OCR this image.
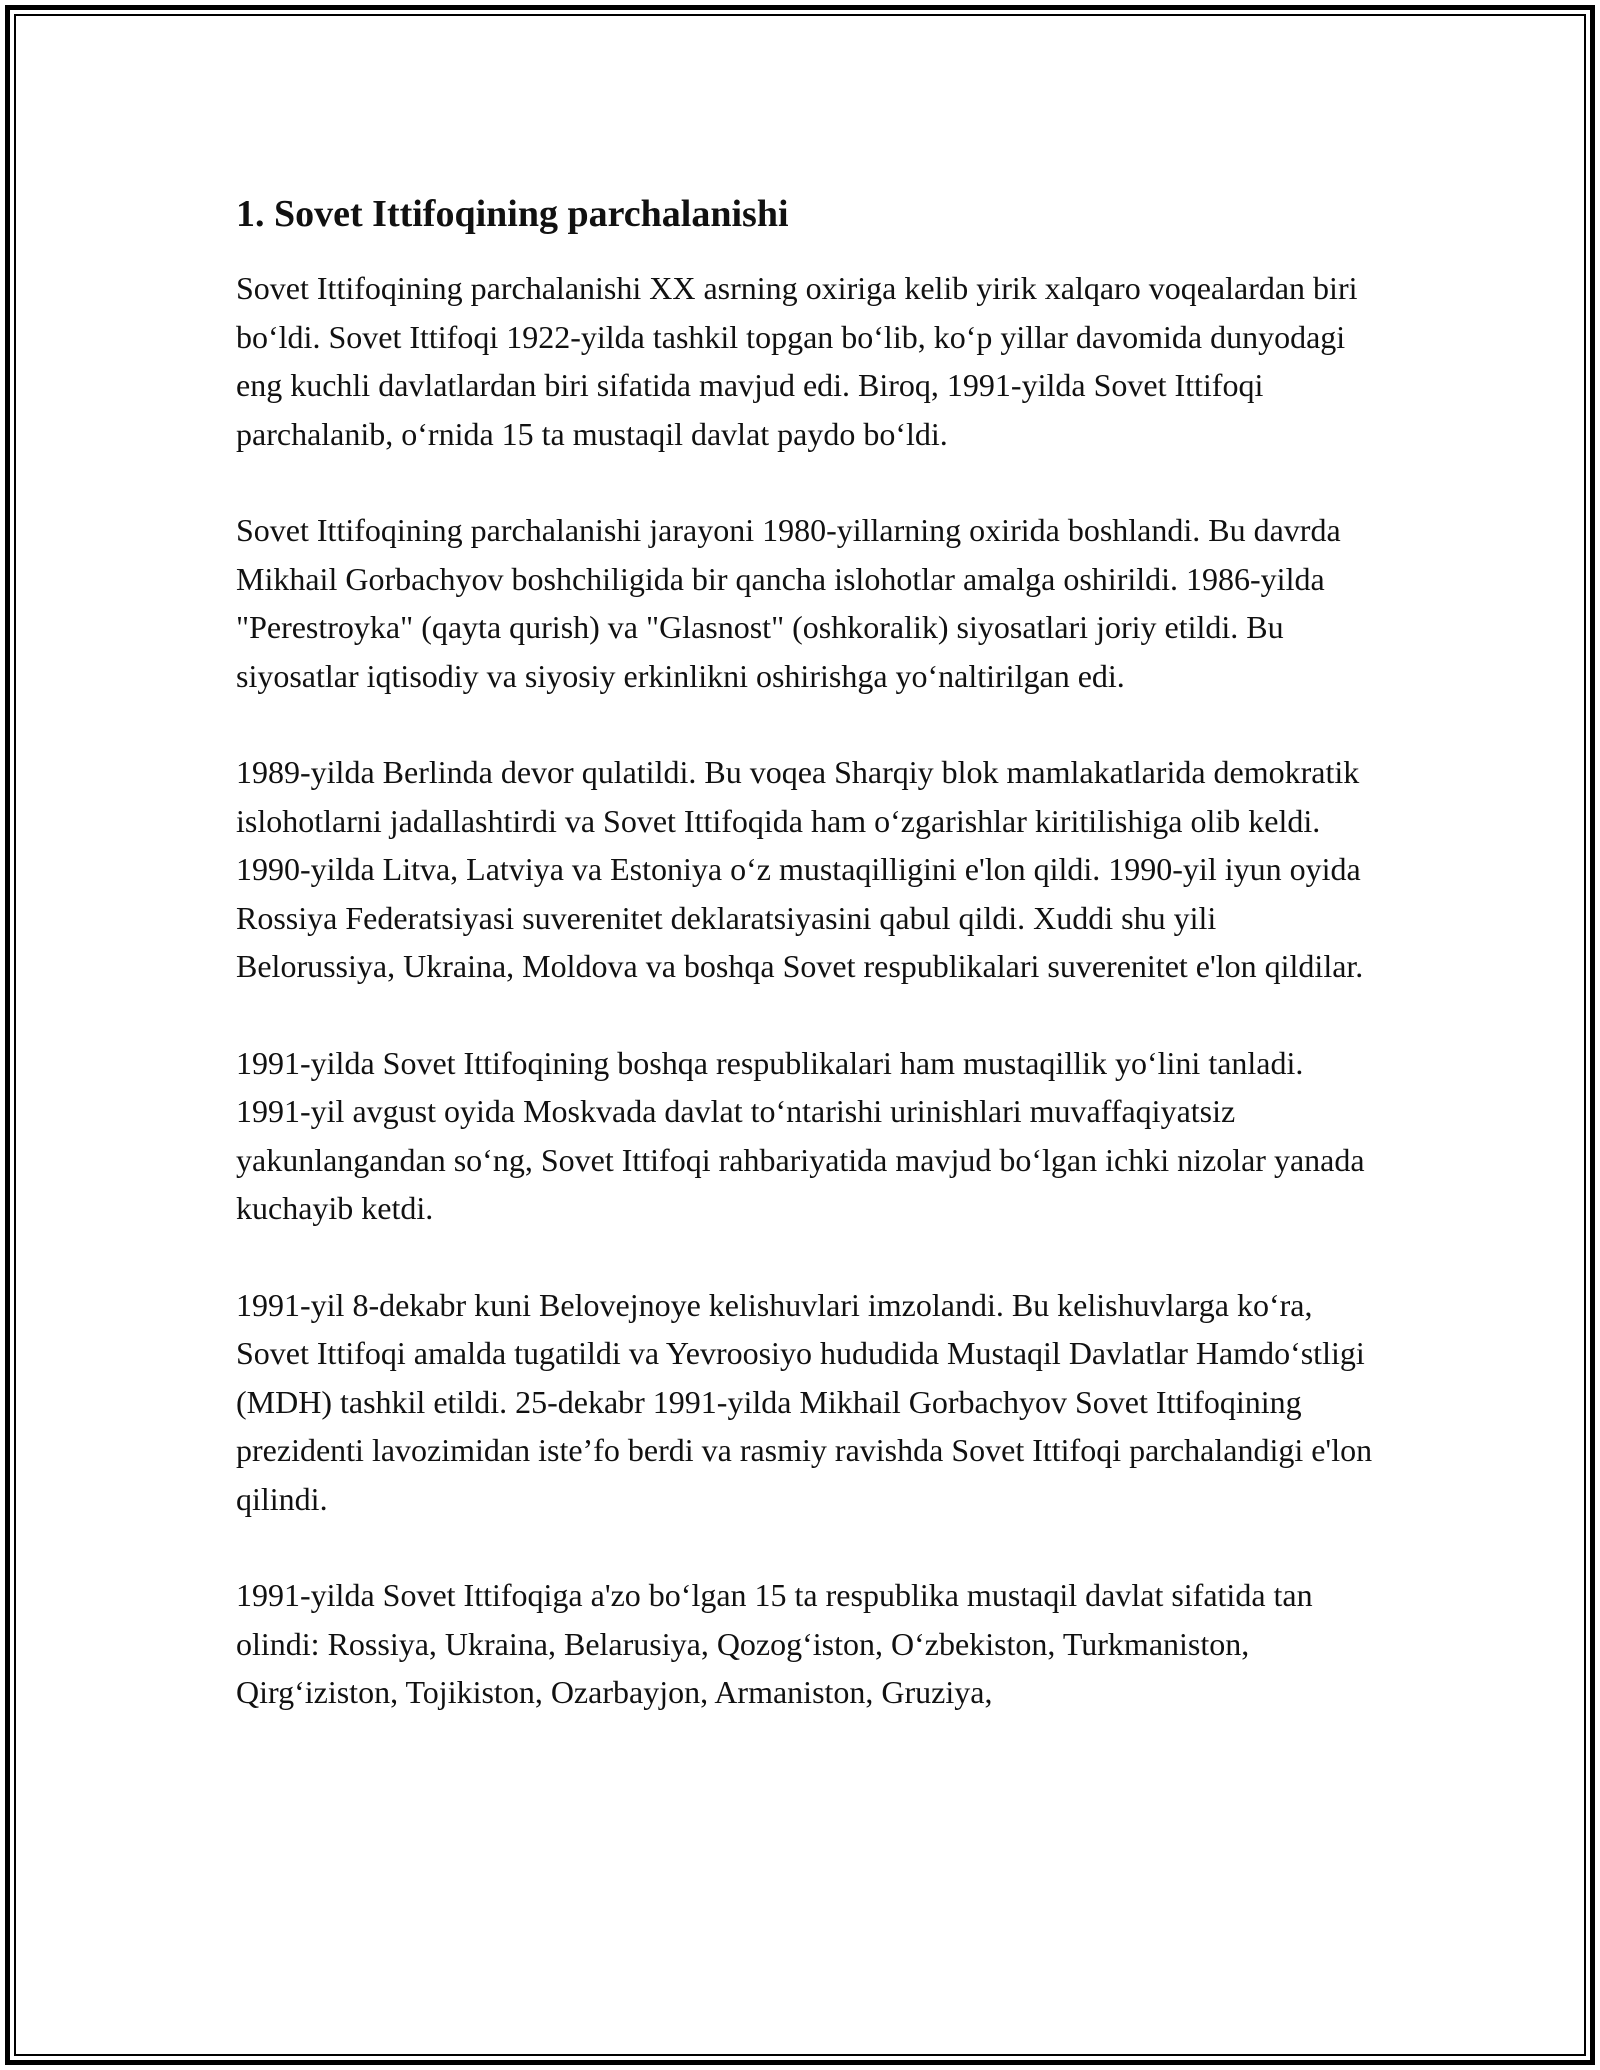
1. Sovet Ittifoqining parchalanishi

Sovet Ittifoqining parchalanishi XX asrning oxiriga kelib yirik xalqaro voqealardan biri bo‘ldi. Sovet Ittifoqi 1922-yilda tashkil topgan bo‘lib, ko‘p yillar davomida dunyodagi eng kuchli davlatlardan biri sifatida mavjud edi. Biroq, 1991-yilda Sovet Ittifoqi parchalanib, o‘rnida 15 ta mustaqil davlat paydo bo‘ldi.

Sovet Ittifoqining parchalanishi jarayoni 1980-yillarning oxirida boshlandi. Bu davrda Mikhail Gorbachyov boshchiligida bir qancha islohotlar amalga oshirildi. 1986-yilda "Perestroyka" (qayta qurish) va "Glasnost" (oshkoralik) siyosatlari joriy etildi. Bu siyosatlar iqtisodiy va siyosiy erkinlikni oshirishga yo‘naltirilgan edi.

1989-yilda Berlinda devor qulatildi. Bu voqea Sharqiy blok mamlakatlarida demokratik islohotlarni jadallashtirdi va Sovet Ittifoqida ham o‘zgarishlar kiritilishiga olib keldi. 1990-yilda Litva, Latviya va Estoniya o‘z mustaqilligini e'lon qildi. 1990-yil iyun oyida Rossiya Federatsiyasi suverenitet deklaratsiyasini qabul qildi. Xuddi shu yili Belorussiya, Ukraina, Moldova va boshqa Sovet respublikalari suverenitet e'lon qildilar.

1991-yilda Sovet Ittifoqining boshqa respublikalari ham mustaqillik yo‘lini tanladi. 1991-yil avgust oyida Moskvada davlat to‘ntarishi urinishlari muvaffaqiyatsiz yakunlangandan so‘ng, Sovet Ittifoqi rahbariyatida mavjud bo‘lgan ichki nizolar yanada kuchayib ketdi.

1991-yil 8-dekabr kuni Belovejnoye kelishuvlari imzolandi. Bu kelishuvlarga ko‘ra, Sovet Ittifoqi amalda tugatildi va Yevroosiyo hududida Mustaqil Davlatlar Hamdo‘stligi (MDH) tashkil etildi. 25-dekabr 1991-yilda Mikhail Gorbachyov Sovet Ittifoqining prezidenti lavozimidan iste’fo berdi va rasmiy ravishda Sovet Ittifoqi parchalandigi e'lon qilindi.

1991-yilda Sovet Ittifoqiga a'zo bo‘lgan 15 ta respublika mustaqil davlat sifatida tan olindi: Rossiya, Ukraina, Belarusiya, Qozog‘iston, O‘zbekiston, Turkmaniston, Qirg‘iziston, Tojikiston, Ozarbayjon, Armaniston, Gruziya,
